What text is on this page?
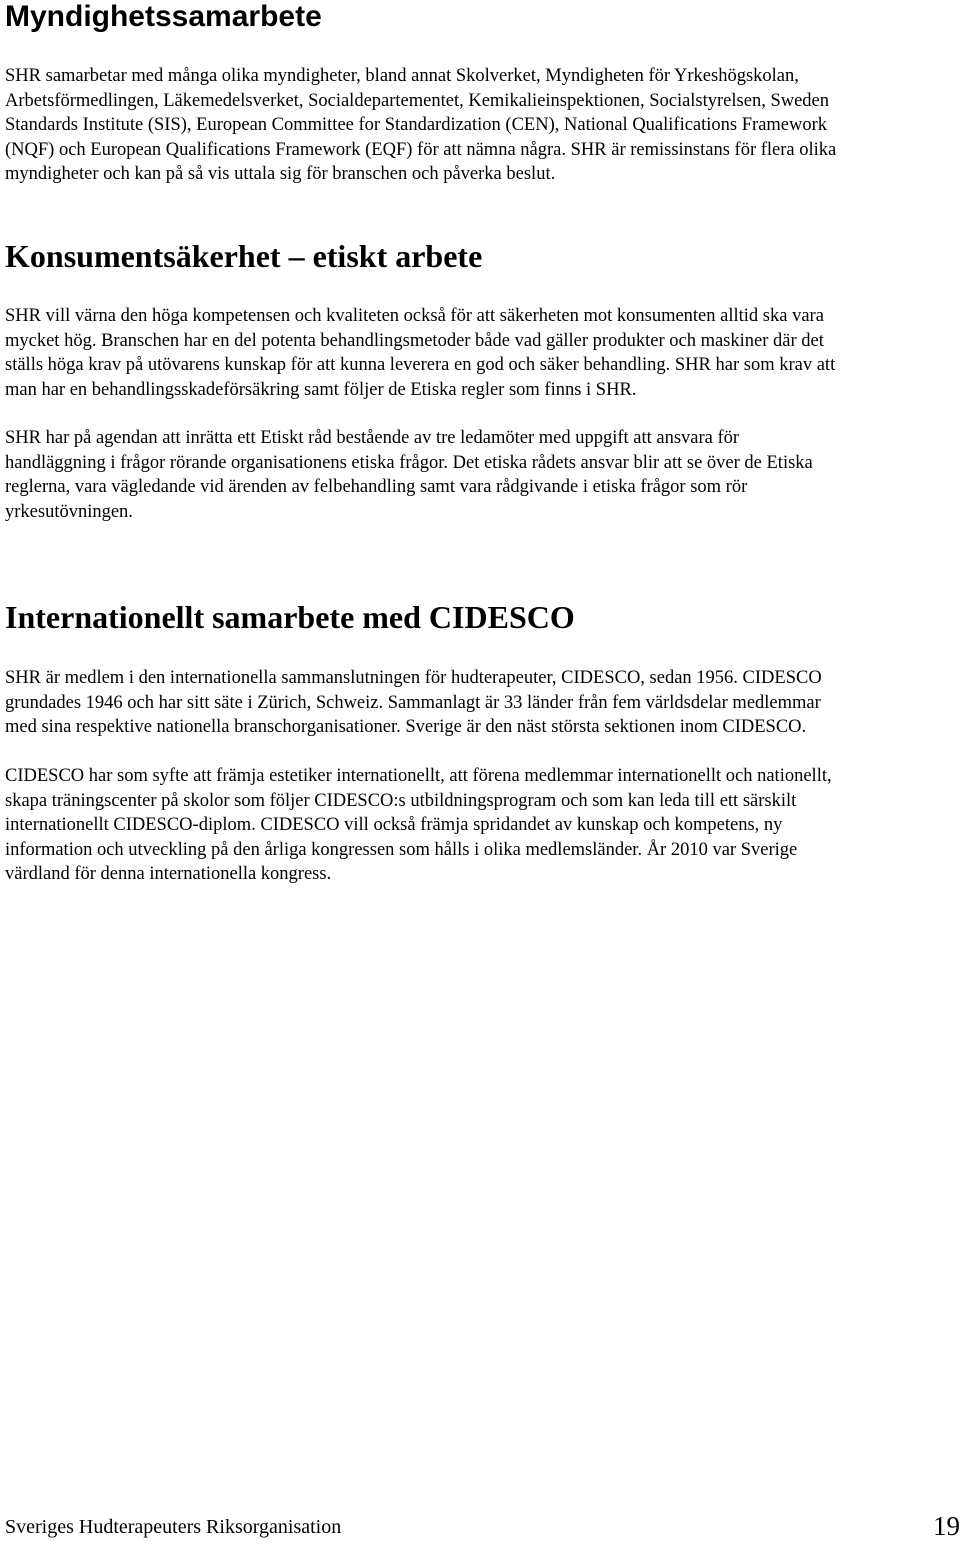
Myndighetssamarbete

SHR samarbetar med många olika myndigheter, bland annat Skolverket, Myndigheten för Yrkeshögskolan,
Arbetsförmedlingen, Läkemedelsverket, Socialdepartementet, Kemikalieinspektionen, Socialstyrelsen, Sweden
Standards Institute (SIS), European Committee for Standardization (CEN), National Qualifications Framework
(NQF) och European Qualifications Framework (EQF) för att nämna några. SHR är remissinstans för flera olika
myndigheter och kan på så vis uttala sig för branschen och påverka beslut.

Konsumentsäkerhet – etiskt arbete

SHR vill värna den höga kompetensen och kvaliteten också för att säkerheten mot konsumenten alltid ska vara
mycket hög. Branschen har en del potenta behandlingsmetoder både vad gäller produkter och maskiner där det
ställs höga krav på utövarens kunskap för att kunna leverera en god och säker behandling. SHR har som krav att
man har en behandlingsskadeförsäkring samt följer de Etiska regler som finns i SHR.

SHR har på agendan att inrätta ett Etiskt råd bestående av tre ledamöter med uppgift att ansvara för
handläggning i frågor rörande organisationens etiska frågor. Det etiska rådets ansvar blir att se över de Etiska
reglerna, vara vägledande vid ärenden av felbehandling samt vara rådgivande i etiska frågor som rör
yrkesutövningen.

Internationellt samarbete med CIDESCO

SHR är medlem i den internationella sammanslutningen för hudterapeuter, CIDESCO, sedan 1956. CIDESCO
grundades 1946 och har sitt säte i Zürich, Schweiz. Sammanlagt är 33 länder från fem världsdelar medlemmar
med sina respektive nationella branschorganisationer. Sverige är den näst största sektionen inom CIDESCO.

CIDESCO har som syfte att främja estetiker internationellt, att förena medlemmar internationellt och nationellt,
skapa träningscenter på skolor som följer CIDESCO:s utbildningsprogram och som kan leda till ett särskilt
internationellt CIDESCO-diplom. CIDESCO vill också främja spridandet av kunskap och kompetens, ny
information och utveckling på den årliga kongressen som hålls i olika medlemsländer. År 2010 var Sverige
värdland för denna internationella kongress.

Sveriges Hudterapeuters Riksorganisation	19
